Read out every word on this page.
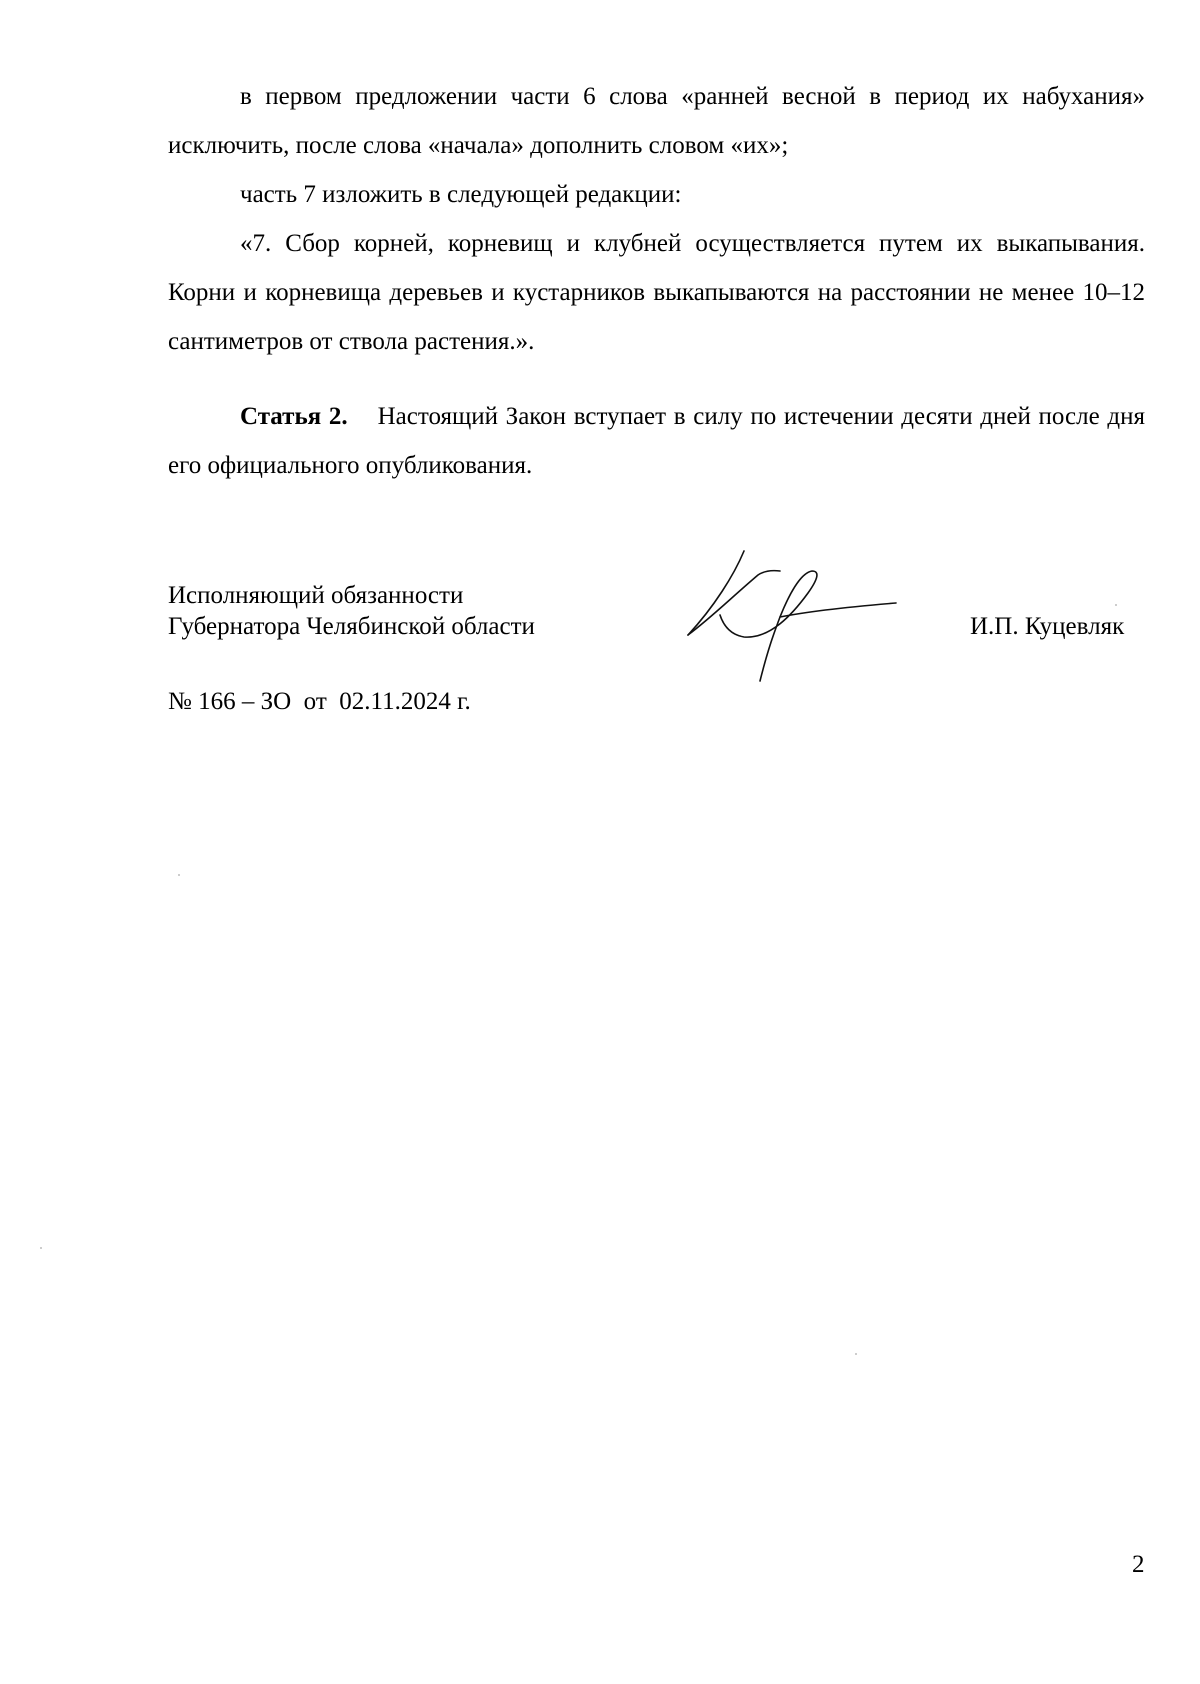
в первом предложении части 6 слова «ранней весной в период их набухания» исключить, после слова «начала» дополнить словом «их»;

часть 7 изложить в следующей редакции:

«7. Сбор корней, корневищ и клубней осуществляется путем их выкапывания. Корни и корневища деревьев и кустарников выкапываются на расстоянии не менее 10–12 сантиметров от ствола растения.».

Статья 2. Настоящий Закон вступает в силу по истечении десяти дней после дня его официального опубликования.

Исполняющий обязанности
Губернатора Челябинской области	И.П. Куцевляк
№ 166 – ЗО  от  02.11.2024 г.
2
